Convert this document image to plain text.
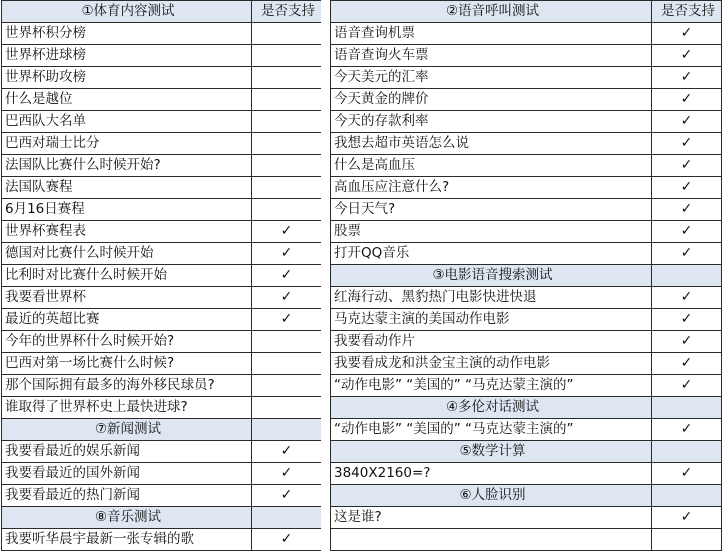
①体育内容测试	是否支持
世界杯积分榜	
世界杯进球榜	
世界杯助攻榜	
什么是越位	
巴西队大名单	
巴西对瑞士比分	
法国队比赛什么时候开始?	
法国队赛程	
6月16日赛程	
世界杯赛程表	✓
德国对比赛什么时候开始	✓
比利时对比赛什么时候开始	✓
我要看世界杯	✓
最近的英超比赛	✓
今年的世界杯什么时候开始?	
巴西对第一场比赛什么时候?	
那个国际拥有最多的海外移民球员?	
谁取得了世界杯史上最快进球?	
⑦新闻测试	
我要看最近的娱乐新闻	✓
我要看最近的国外新闻	✓
我要看最近的热门新闻	✓
⑧音乐测试	
我要听华晨宇最新一张专辑的歌	✓
②语音呼叫测试	是否支持
语音查询机票	✓
语音查询火车票	✓
今天美元的汇率	✓
今天黄金的牌价	✓
今天的存款利率	✓
我想去超市英语怎么说	✓
什么是高血压	✓
高血压应注意什么?	✓
今日天气?	✓
股票	✓
打开QQ音乐	✓
③电影语音搜索测试	
红海行动、黑豹热门电影快进快退	✓
马克达蒙主演的美国动作电影	✓
我要看动作片	✓
我要看成龙和洪金宝主演的动作电影	✓
“动作电影” “美国的” “马克达蒙主演的”	✓
④多伦对话测试	
“动作电影” “美国的” “马克达蒙主演的”	✓
⑤数学计算	
3840X2160=?	✓
⑥人脸识别	
这是谁?	✓
